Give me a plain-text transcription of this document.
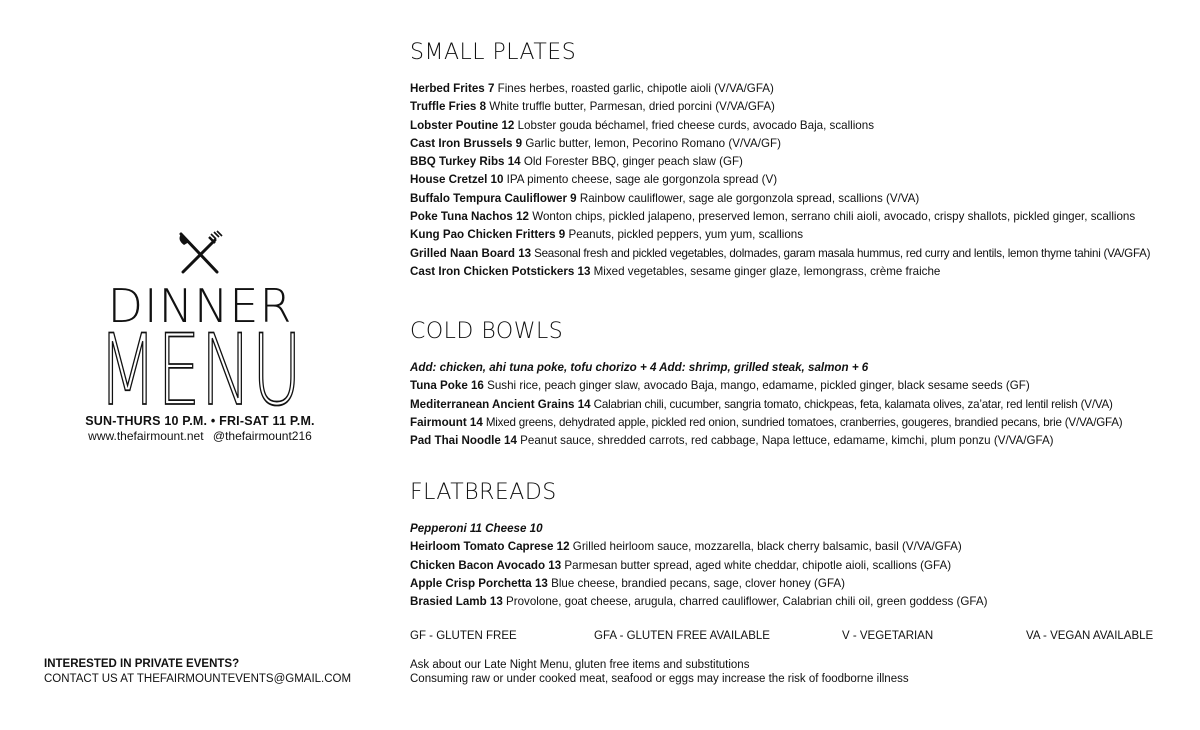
DINNER
MENU
SUN-THURS 10 P.M. • FRI-SAT 11 P.M.
www.thefairmount.net @thefairmount216
INTERESTED IN PRIVATE EVENTS?
CONTACT US AT THEFAIRMOUNTEVENTS@GMAIL.COM
SMALL PLATES
Herbed Frites 7 Fines herbes, roasted garlic, chipotle aioli (V/VA/GFA)
Truffle Fries 8 White truffle butter, Parmesan, dried porcini (V/VA/GFA)
Lobster Poutine 12 Lobster gouda béchamel, fried cheese curds, avocado Baja, scallions
Cast Iron Brussels 9 Garlic butter, lemon, Pecorino Romano (V/VA/GF)
BBQ Turkey Ribs 14 Old Forester BBQ, ginger peach slaw (GF)
House Cretzel 10 IPA pimento cheese, sage ale gorgonzola spread (V)
Buffalo Tempura Cauliflower 9 Rainbow cauliflower, sage ale gorgonzola spread, scallions (V/VA)
Poke Tuna Nachos 12 Wonton chips, pickled jalapeno, preserved lemon, serrano chili aioli, avocado, crispy shallots, pickled ginger, scallions
Kung Pao Chicken Fritters 9 Peanuts, pickled peppers, yum yum, scallions
Grilled Naan Board 13 Seasonal fresh and pickled vegetables, dolmades, garam masala hummus, red curry and lentils, lemon thyme tahini (VA/GFA)
Cast Iron Chicken Potstickers 13 Mixed vegetables, sesame ginger glaze, lemongrass, crème fraiche
COLD BOWLS
Add: chicken, ahi tuna poke, tofu chorizo + 4 Add: shrimp, grilled steak, salmon + 6
Tuna Poke 16 Sushi rice, peach ginger slaw, avocado Baja, mango, edamame, pickled ginger, black sesame seeds (GF)
Mediterranean Ancient Grains 14 Calabrian chili, cucumber, sangria tomato, chickpeas, feta, kalamata olives, za’atar, red lentil relish (V/VA)
Fairmount 14 Mixed greens, dehydrated apple, pickled red onion, sundried tomatoes, cranberries, gougeres, brandied pecans, brie (V/VA/GFA)
Pad Thai Noodle 14 Peanut sauce, shredded carrots, red cabbage, Napa lettuce, edamame, kimchi, plum ponzu (V/VA/GFA)
FLATBREADS
Pepperoni 11 Cheese 10
Heirloom Tomato Caprese 12 Grilled heirloom sauce, mozzarella, black cherry balsamic, basil (V/VA/GFA)
Chicken Bacon Avocado 13 Parmesan butter spread, aged white cheddar, chipotle aioli, scallions (GFA)
Apple Crisp Porchetta 13 Blue cheese, brandied pecans, sage, clover honey (GFA)
Brasied Lamb 13 Provolone, goat cheese, arugula, charred cauliflower, Calabrian chili oil, green goddess (GFA)
GF - GLUTEN FREE	GFA - GLUTEN FREE AVAILABLE	V - VEGETARIAN	VA - VEGAN AVAILABLE
Ask about our Late Night Menu, gluten free items and substitutions
Consuming raw or under cooked meat, seafood or eggs may increase the risk of foodborne illness
